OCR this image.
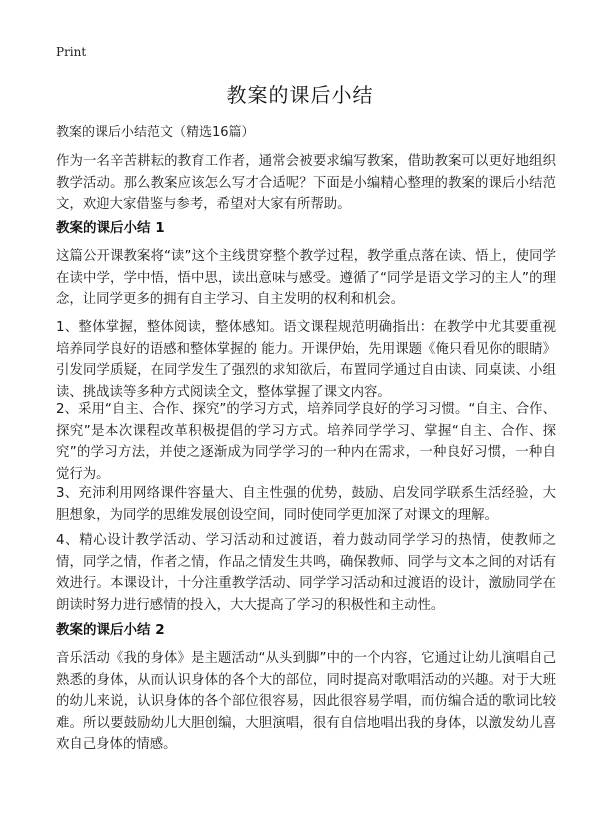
Print
教案的课后小结
教案的课后小结范文（精选16篇）

作为一名辛苦耕耘的教育工作者，通常会被要求编写教案，借助教案可以更好地组织教学活动。那么教案应该怎么写才合适呢？下面是小编精心整理的教案的课后小结范文，欢迎大家借鉴与参考，希望对大家有所帮助。

教案的课后小结 1

这篇公开课教案将“读”这个主线贯穿整个教学过程，教学重点落在读、悟上，使同学在读中学，学中悟，悟中思，读出意味与感受。遵循了“同学是语文学习的主人”的理念，让同学更多的拥有自主学习、自主发明的权利和机会。

1、整体掌握，整体阅读，整体感知。语文课程规范明确指出：在教学中尤其要重视培养同学良好的语感和整体掌握的 能力。开课伊始，先用课题《俺只看见你的眼睛》引发同学质疑，在同学发生了强烈的求知欲后，布置同学通过自由读、同桌读、小组读、挑战读等多种方式阅读全文，整体掌握了课文内容。

2、采用“自主、合作、探究”的学习方式，培养同学良好的学习习惯。“自主、合作、探究”是本次课程改革积极提倡的学习方式。培养同学学习、掌握“自主、合作、探究”的学习方法，并使之逐渐成为同学学习的一种内在需求，一种良好习惯，一种自觉行为。

3、充沛利用网络课件容量大、自主性强的优势，鼓励、启发同学联系生活经验，大胆想象，为同学的思维发展创设空间，同时使同学更加深了对课文的理解。

4、精心设计教学活动、学习活动和过渡语，着力鼓动同学学习的热情，使教师之情，同学之情，作者之情，作品之情发生共鸣，确保教师、同学与文本之间的对话有效进行。本课设计，十分注重教学活动、同学学习活动和过渡语的设计，激励同学在朗读时努力进行感情的投入，大大提高了学习的积极性和主动性。

教案的课后小结 2

音乐活动《我的身体》是主题活动“从头到脚”中的一个内容，它通过让幼儿演唱自己熟悉的身体，从而认识身体的各个大的部位，同时提高对歌唱活动的兴趣。对于大班的幼儿来说，认识身体的各个部位很容易，因此很容易学唱，而仿编合适的歌词比较难。所以要鼓励幼儿大胆创编，大胆演唱，很有自信地唱出我的身体，以激发幼儿喜欢自己身体的情感。
